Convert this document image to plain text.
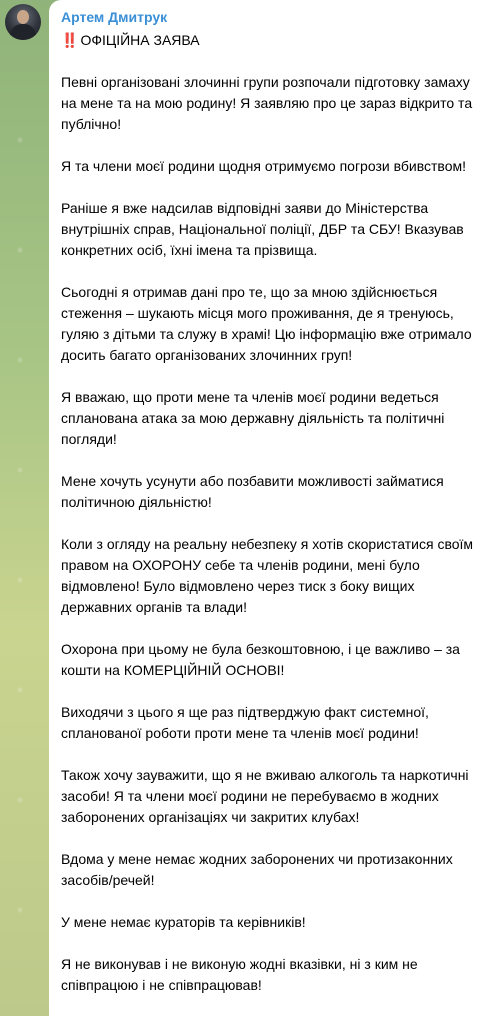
Артем Дмитрук
‼️ ОФІЦІЙНА ЗАЯВА

Певні організовані злочинні групи розпочали підготовку замаху на мене та на мою родину! Я заявляю про це зараз відкрито та публічно!

Я та члени моєї родини щодня отримуємо погрози вбивством!

Раніше я вже надсилав відповідні заяви до Міністерства внутрішніх справ, Національної поліції, ДБР та СБУ! Вказував конкретних осіб, їхні імена та прізвища.

Сьогодні я отримав дані про те, що за мною здійснюється стеження – шукають місця мого проживання, де я тренуюсь, гуляю з дітьми та служу в храмі! Цю інформацію вже отримало досить багато організованих злочинних груп!

Я вважаю, що проти мене та членів моєї родини ведеться спланована атака за мою державну діяльність та політичні погляди!

Мене хочуть усунути або позбавити можливості займатися політичною діяльністю!

Коли з огляду на реальну небезпеку я хотів скористатися своїм правом на ОХОРОНУ себе та членів родини, мені було відмовлено! Було відмовлено через тиск з боку вищих державних органів та влади!

Охорона при цьому не була безкоштовною, і це важливо – за кошти на КОМЕРЦІЙНІЙ ОСНОВІ!

Виходячи з цього я ще раз підтверджую факт системної, спланованої роботи проти мене та членів моєї родини!

Також хочу зауважити, що я не вживаю алкоголь та наркотичні засоби! Я та члени моєї родини не перебуваємо в жодних заборонених організаціях чи закритих клубах!

Вдома у мене немає жодних заборонених чи протизаконних засобів/речей!

У мене немає кураторів та керівників!

Я не виконував і не виконую жодні вказівки, ні з ким не співпрацюю і не співпрацював!
